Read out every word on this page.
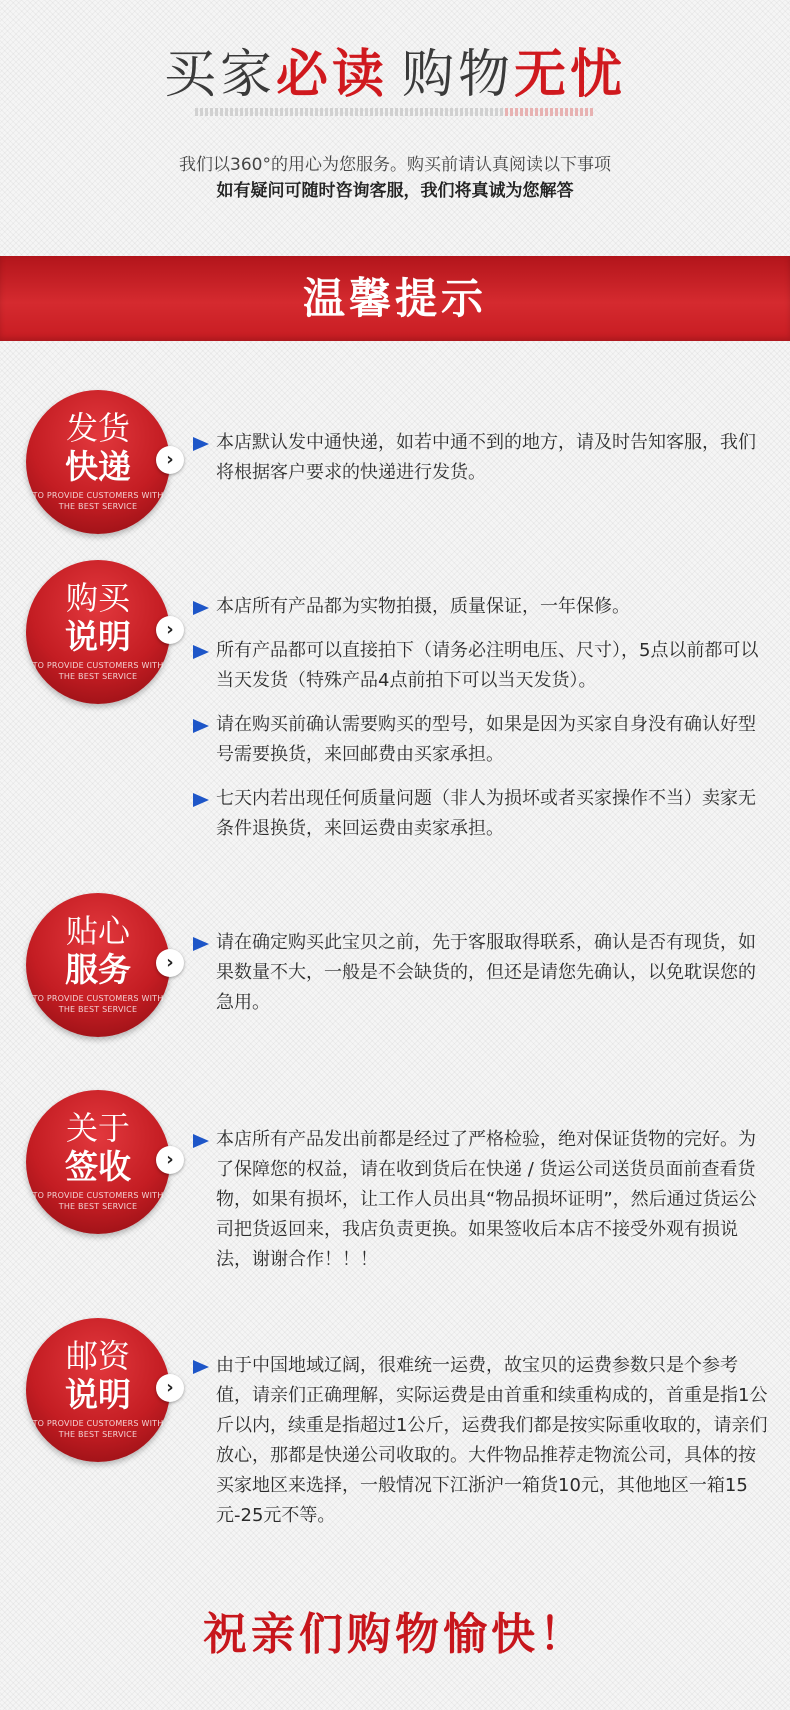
买家必读 购物无忧
我们以360°的用心为您服务。购买前请认真阅读以下事项
如有疑问可随时咨询客服，我们将真诚为您解答
温馨提示
发货
快递
TO PROVIDE CUSTOMERS WITH THE BEST SERVICE
›
本店默认发中通快递，如若中通不到的地方，请及时告知客服，我们将根据客户要求的快递进行发货。
购买
说明
TO PROVIDE CUSTOMERS WITH THE BEST SERVICE
›
本店所有产品都为实物拍摄，质量保证，一年保修。
所有产品都可以直接拍下（请务必注明电压、尺寸），5点以前都可以当天发货（特殊产品4点前拍下可以当天发货）。
请在购买前确认需要购买的型号，如果是因为买家自身没有确认好型号需要换货，来回邮费由买家承担。
七天内若出现任何质量问题（非人为损坏或者买家操作不当）卖家无条件退换货，来回运费由卖家承担。
贴心
服务
TO PROVIDE CUSTOMERS WITH THE BEST SERVICE
›
请在确定购买此宝贝之前，先于客服取得联系，确认是否有现货，如果数量不大，一般是不会缺货的，但还是请您先确认，以免耽误您的急用。
关于
签收
TO PROVIDE CUSTOMERS WITH THE BEST SERVICE
›
本店所有产品发出前都是经过了严格检验，绝对保证货物的完好。为了保障您的权益，请在收到货后在快递 / 货运公司送货员面前查看货物，如果有损坏，让工作人员出具“物品损坏证明”，然后通过货运公司把货返回来，我店负责更换。如果签收后本店不接受外观有损说法，谢谢合作！！！
邮资
说明
TO PROVIDE CUSTOMERS WITH THE BEST SERVICE
›
由于中国地域辽阔，很难统一运费，故宝贝的运费参数只是个参考值，请亲们正确理解，实际运费是由首重和续重构成的，首重是指1公斤以内，续重是指超过1公斤，运费我们都是按实际重收取的，请亲们放心，那都是快递公司收取的。大件物品推荐走物流公司，具体的按买家地区来选择，一般情况下江浙沪一箱货10元，其他地区一箱15元-25元不等。
祝亲们购物愉快！
